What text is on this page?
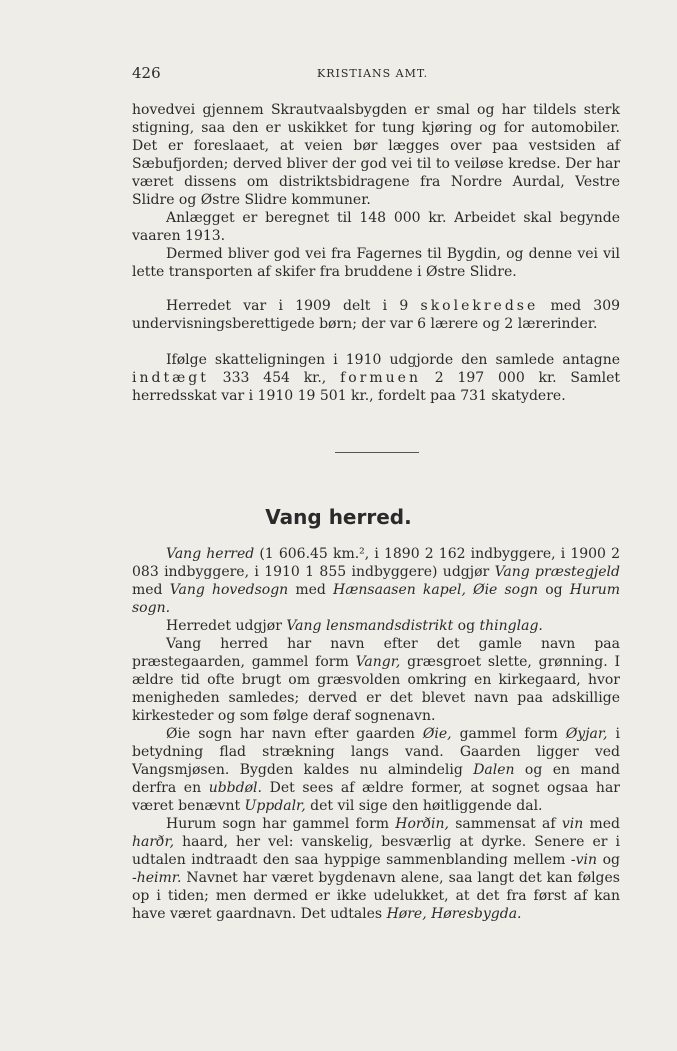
426	KRISTIANS AMT.

hovedvei gjennem Skrautvaalsbygden er smal og har tildels sterk stigning, saa den er uskikket for tung kjøring og for automobiler. Det er foreslaaet, at veien bør lægges over paa vestsiden af Sæbufjorden; derved bliver der god vei til to veiløse kredse. Der har været dissens om distriktsbidragene fra Nordre Aurdal, Vestre Slidre og Østre Slidre kommuner.

Anlægget er beregnet til 148 000 kr. Arbeidet skal begynde vaaren 1913.

Dermed bliver god vei fra Fagernes til Bygdin, og denne vei vil lette transporten af skifer fra bruddene i Østre Slidre.

Herredet var i 1909 delt i 9 skolekredse med 309 undervisningsberettigede børn; der var 6 lærere og 2 lærerinder.

Ifølge skatteligningen i 1910 udgjorde den samlede antagne indtægt 333 454 kr., formuen 2 197 000 kr. Samlet herredsskat var i 1910 19 501 kr., fordelt paa 731 skatydere.

Vang herred.

Vang herred (1 606.45 km.², i 1890 2 162 indbyggere, i 1900 2 083 indbyggere, i 1910 1 855 indbyggere) udgjør Vang præstegjeld med Vang hovedsogn med Hænsaasen kapel, Øie sogn og Hurum sogn.

Herredet udgjør Vang lensmandsdistrikt og thinglag.

Vang herred har navn efter det gamle navn paa præstegaarden, gammel form Vangr, græsgroet slette, grønning. I ældre tid ofte brugt om græsvolden omkring en kirkegaard, hvor menigheden samledes; derved er det blevet navn paa adskillige kirkesteder og som følge deraf sognenavn.

Øie sogn har navn efter gaarden Øie, gammel form Øyjar, i betydning flad strækning langs vand. Gaarden ligger ved Vangsmjøsen. Bygden kaldes nu almindelig Dalen og en mand derfra en ubbdøl. Det sees af ældre former, at sognet ogsaa har været benævnt Uppdalr, det vil sige den høitliggende dal.

Hurum sogn har gammel form Horðin, sammensat af vin med harðr, haard, her vel: vanskelig, besværlig at dyrke. Senere er i udtalen indtraadt den saa hyppige sammenblanding mellem -vin og -heimr. Navnet har været bygdenavn alene, saa langt det kan følges op i tiden; men dermed er ikke udelukket, at det fra først af kan have været gaardnavn. Det udtales Høre, Høresbygda.
